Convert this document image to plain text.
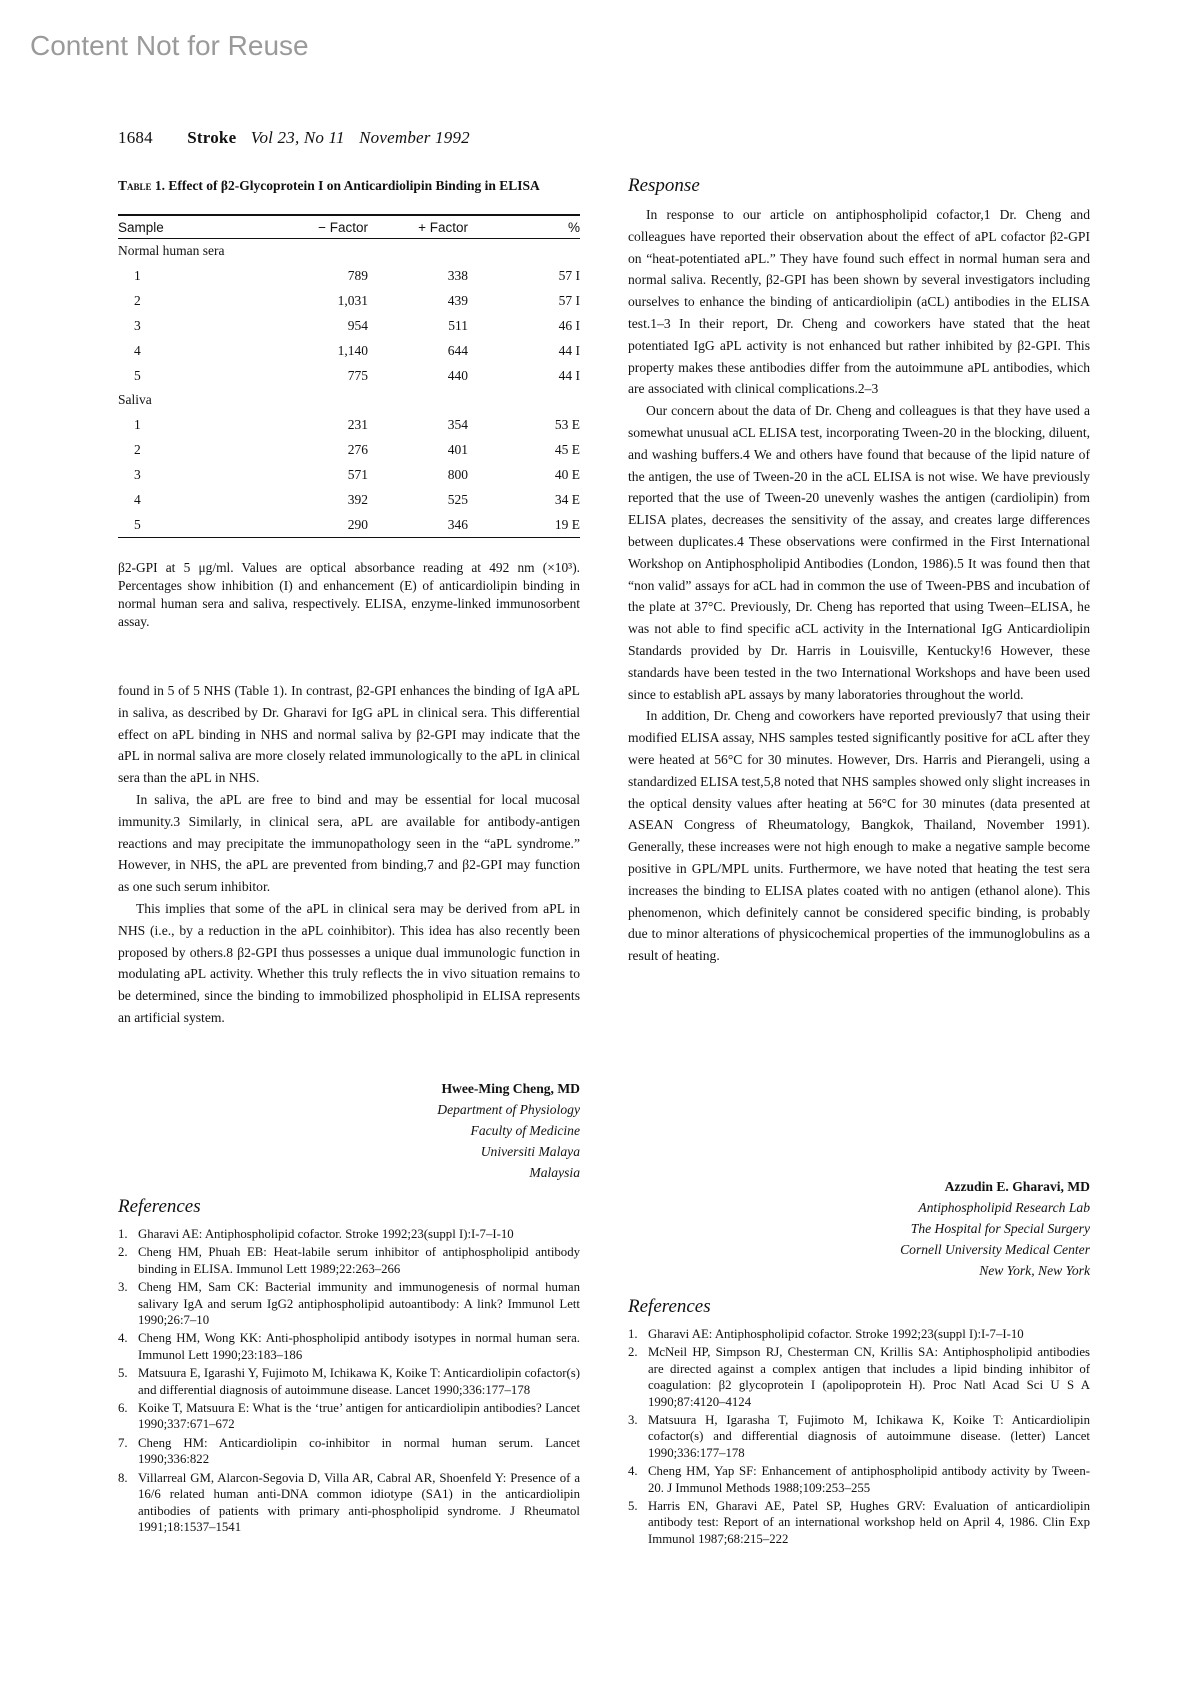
Content Not for Reuse
1684 Stroke Vol 23, No 11 November 1992
Table 1. Effect of β2-Glycoprotein I on Anticardiolipin Binding in ELISA
Sample	− Factor	+ Factor	%
Normal human sera			
1	789	338	57 I
2	1,031	439	57 I
3	954	511	46 I
4	1,140	644	44 I
5	775	440	44 I
Saliva			
1	231	354	53 E
2	276	401	45 E
3	571	800	40 E
4	392	525	34 E
5	290	346	19 E
β2-GPI at 5 μg/ml. Values are optical absorbance reading at 492 nm (×10³). Percentages show inhibition (I) and enhancement (E) of anticardiolipin binding in normal human sera and saliva, respectively. ELISA, enzyme-linked immunosorbent assay.

found in 5 of 5 NHS (Table 1). In contrast, β2-GPI enhances the binding of IgA aPL in saliva, as described by Dr. Gharavi for IgG aPL in clinical sera. This differential effect on aPL binding in NHS and normal saliva by β2-GPI may indicate that the aPL in normal saliva are more closely related immunologically to the aPL in clinical sera than the aPL in NHS.

In saliva, the aPL are free to bind and may be essential for local mucosal immunity.3 Similarly, in clinical sera, aPL are available for antibody-antigen reactions and may precipitate the immunopathology seen in the “aPL syndrome.” However, in NHS, the aPL are prevented from binding,7 and β2-GPI may function as one such serum inhibitor.

This implies that some of the aPL in clinical sera may be derived from aPL in NHS (i.e., by a reduction in the aPL coinhibitor). This idea has also recently been proposed by others.8 β2-GPI thus possesses a unique dual immunologic function in modulating aPL activity. Whether this truly reflects the in vivo situation remains to be determined, since the binding to immobilized phospholipid in ELISA represents an artificial system.

Hwee-Ming Cheng, MD
Department of Physiology
Faculty of Medicine
Universiti Malaya
Malaysia
References
1. Gharavi AE: Antiphospholipid cofactor. Stroke 1992;23(suppl I):I-7–I-10
2. Cheng HM, Phuah EB: Heat-labile serum inhibitor of antiphospholipid antibody binding in ELISA. Immunol Lett 1989;22:263–266
3. Cheng HM, Sam CK: Bacterial immunity and immunogenesis of normal human salivary IgA and serum IgG2 antiphospholipid autoantibody: A link? Immunol Lett 1990;26:7–10
4. Cheng HM, Wong KK: Anti-phospholipid antibody isotypes in normal human sera. Immunol Lett 1990;23:183–186
5. Matsuura E, Igarashi Y, Fujimoto M, Ichikawa K, Koike T: Anticardiolipin cofactor(s) and differential diagnosis of autoimmune disease. Lancet 1990;336:177–178
6. Koike T, Matsuura E: What is the ‘true’ antigen for anticardiolipin antibodies? Lancet 1990;337:671–672
7. Cheng HM: Anticardiolipin co-inhibitor in normal human serum. Lancet 1990;336:822
8. Villarreal GM, Alarcon-Segovia D, Villa AR, Cabral AR, Shoenfeld Y: Presence of a 16/6 related human anti-DNA common idiotype (SA1) in the anticardiolipin antibodies of patients with primary anti-phospholipid syndrome. J Rheumatol 1991;18:1537–1541
Response

In response to our article on antiphospholipid cofactor,1 Dr. Cheng and colleagues have reported their observation about the effect of aPL cofactor β2-GPI on “heat-potentiated aPL.” They have found such effect in normal human sera and normal saliva. Recently, β2-GPI has been shown by several investigators including ourselves to enhance the binding of anticardiolipin (aCL) antibodies in the ELISA test.1–3 In their report, Dr. Cheng and coworkers have stated that the heat potentiated IgG aPL activity is not enhanced but rather inhibited by β2-GPI. This property makes these antibodies differ from the autoimmune aPL antibodies, which are associated with clinical complications.2–3

Our concern about the data of Dr. Cheng and colleagues is that they have used a somewhat unusual aCL ELISA test, incorporating Tween-20 in the blocking, diluent, and washing buffers.4 We and others have found that because of the lipid nature of the antigen, the use of Tween-20 in the aCL ELISA is not wise. We have previously reported that the use of Tween-20 unevenly washes the antigen (cardiolipin) from ELISA plates, decreases the sensitivity of the assay, and creates large differences between duplicates.4 These observations were confirmed in the First International Workshop on Antiphospholipid Antibodies (London, 1986).5 It was found then that “non valid” assays for aCL had in common the use of Tween-PBS and incubation of the plate at 37°C. Previously, Dr. Cheng has reported that using Tween–ELISA, he was not able to find specific aCL activity in the International IgG Anticardiolipin Standards provided by Dr. Harris in Louisville, Kentucky!6 However, these standards have been tested in the two International Workshops and have been used since to establish aPL assays by many laboratories throughout the world.

In addition, Dr. Cheng and coworkers have reported previously7 that using their modified ELISA assay, NHS samples tested significantly positive for aCL after they were heated at 56°C for 30 minutes. However, Drs. Harris and Pierangeli, using a standardized ELISA test,5,8 noted that NHS samples showed only slight increases in the optical density values after heating at 56°C for 30 minutes (data presented at ASEAN Congress of Rheumatology, Bangkok, Thailand, November 1991). Generally, these increases were not high enough to make a negative sample become positive in GPL/MPL units. Furthermore, we have noted that heating the test sera increases the binding to ELISA plates coated with no antigen (ethanol alone). This phenomenon, which definitely cannot be considered specific binding, is probably due to minor alterations of physicochemical properties of the immunoglobulins as a result of heating.

Azzudin E. Gharavi, MD
Antiphospholipid Research Lab
The Hospital for Special Surgery
Cornell University Medical Center
New York, New York
References
1. Gharavi AE: Antiphospholipid cofactor. Stroke 1992;23(suppl I):I-7–I-10
2. McNeil HP, Simpson RJ, Chesterman CN, Krillis SA: Antiphospholipid antibodies are directed against a complex antigen that includes a lipid binding inhibitor of coagulation: β2 glycoprotein I (apolipoprotein H). Proc Natl Acad Sci U S A 1990;87:4120–4124
3. Matsuura H, Igarasha T, Fujimoto M, Ichikawa K, Koike T: Anticardiolipin cofactor(s) and differential diagnosis of autoimmune disease. (letter) Lancet 1990;336:177–178
4. Cheng HM, Yap SF: Enhancement of antiphospholipid antibody activity by Tween-20. J Immunol Methods 1988;109:253–255
5. Harris EN, Gharavi AE, Patel SP, Hughes GRV: Evaluation of anticardiolipin antibody test: Report of an international workshop held on April 4, 1986. Clin Exp Immunol 1987;68:215–222
